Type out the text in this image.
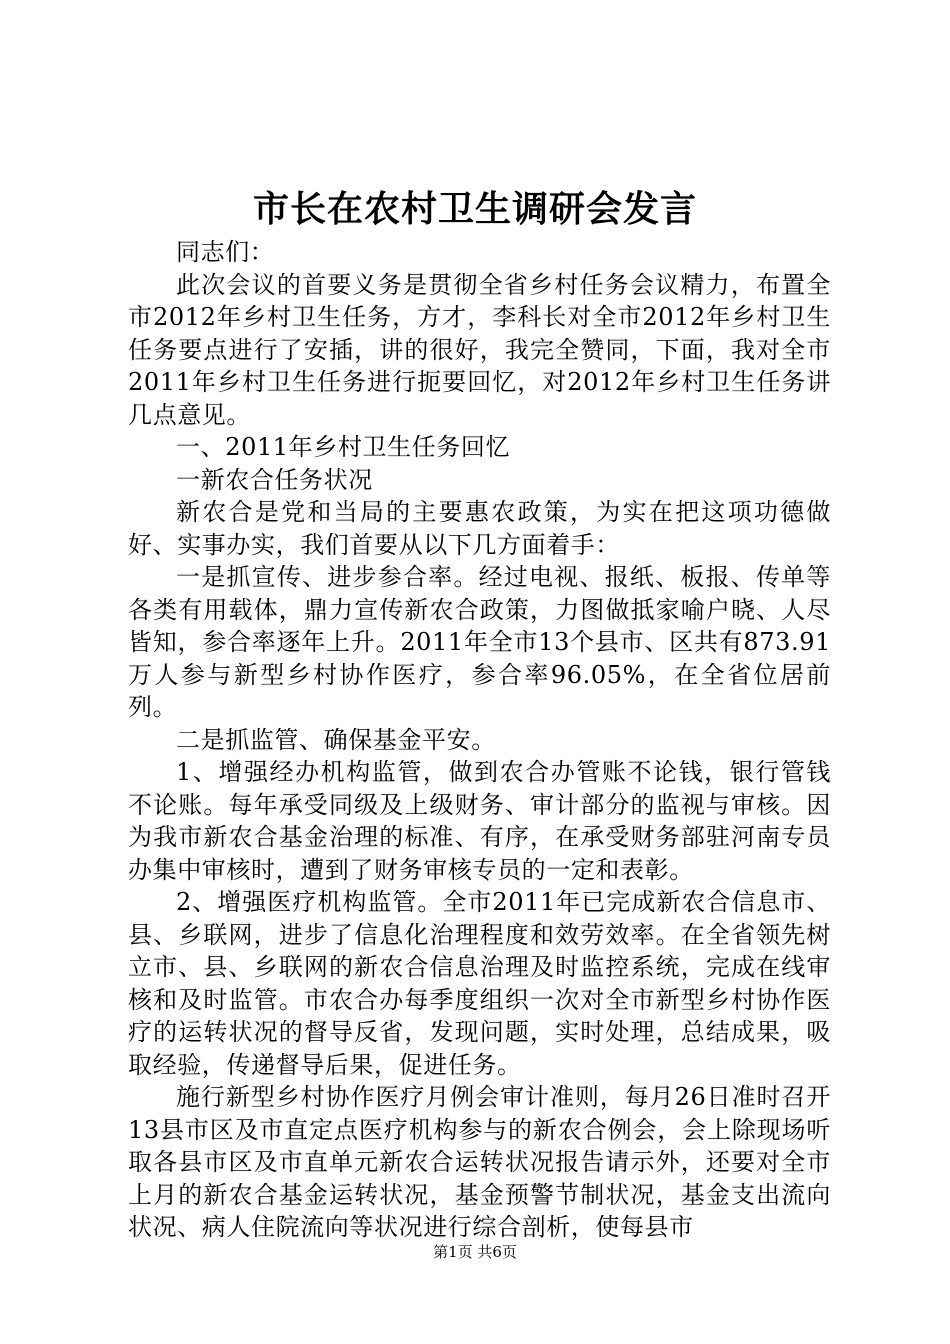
市长在农村卫生调研会发言

同志们：

此次会议的首要义务是贯彻全省乡村任务会议精力，布置全市2012年乡村卫生任务，方才，李科长对全市2012年乡村卫生任务要点进行了安插，讲的很好，我完全赞同，下面，我对全市2011年乡村卫生任务进行扼要回忆，对2012年乡村卫生任务讲几点意见。

一、2011年乡村卫生任务回忆

一新农合任务状况

新农合是党和当局的主要惠农政策，为实在把这项功德做好、实事办实，我们首要从以下几方面着手：

一是抓宣传、进步参合率。经过电视、报纸、板报、传单等各类有用载体，鼎力宣传新农合政策，力图做抵家喻户晓、人尽皆知，参合率逐年上升。2011年全市13个县市、区共有873.91万人参与新型乡村协作医疗，参合率96.05%，在全省位居前列。

二是抓监管、确保基金平安。

1、增强经办机构监管，做到农合办管账不论钱，银行管钱不论账。每年承受同级及上级财务、审计部分的监视与审核。因为我市新农合基金治理的标准、有序，在承受财务部驻河南专员办集中审核时，遭到了财务审核专员的一定和表彰。

2、增强医疗机构监管。全市2011年已完成新农合信息市、县、乡联网，进步了信息化治理程度和效劳效率。在全省领先树立市、县、乡联网的新农合信息治理及时监控系统，完成在线审核和及时监管。市农合办每季度组织一次对全市新型乡村协作医疗的运转状况的督导反省，发现问题，实时处理，总结成果，吸取经验，传递督导后果，促进任务。

施行新型乡村协作医疗月例会审计准则，每月26日准时召开13县市区及市直定点医疗机构参与的新农合例会，会上除现场听取各县市区及市直单元新农合运转状况报告请示外，还要对全市上月的新农合基金运转状况，基金预警节制状况，基金支出流向状况、病人住院流向等状况进行综合剖析，使每县市

第1页 共6页
